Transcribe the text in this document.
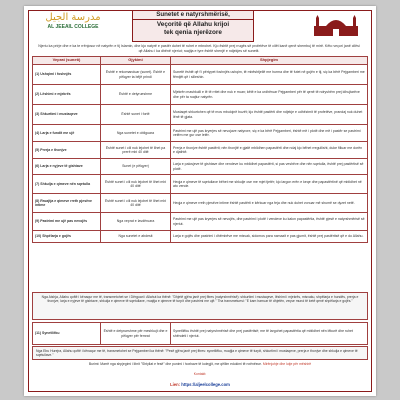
مدرسة الجيل
AL JEEAIL COLLEGE
Sunetet e natyrshmërisë,
Veçoritë që Allahu krijoi
tek qenia njerëzore
Njeriu ka prirje dhe e ka te rrënjosur në natyrën e tij Islamin, dhe kjo natyrë e pastër duhet të ruhet e mbrohet. Kjo është prej rrugës së profetëve të cilët kanë qenë shembuj të mirë. Këto veçori janë cilësi që Allahu i ka dhënë njeriut; ruajtja e tyre është shenjë e ndjekjes së sunetit.
Veprat (sunetì)	Gjykimi	Shpjegim
(1) Ushqimi i foshnjës	Është e rekomanduar (sunet). Është e pëlqyer ta bëjë prindi	Sunetë është që t'i përtypet foshnjës ushqim, të mbështjellë me hurma dhe të futet në gojën e tij, siç ka bërë Pejgamberi me fëmijët që i silleshin.
(2) Lëshimi e mjekrës	Është e detyrueshme	Mjekrën mashkulli e lë të rritet dhe nuk e rruan; këtë e ka urdhëruar Pejgamberi për të qenë të ndryshëm prej idhujtarëve dhe për ta ruajtur natyrën.
(3) Shkurtimi i mustaqeve	Është sunet i fortë	Mustaqet shkurtohen që të mos mbulojnë buzët; kjo është pastërti dhe ndjekje e udhëzimit të profetëve, prandaj nuk duhet lënë të gjata.
(4) Larja e fundit me ujë	Nga sunetet e obliguara	Pastrimi me ujë pas kryerjes së nevojave natyrore, siç e ka bërë Pejgamberi, është më i plotë dhe më i pastër se pastrimi vetëm me gur ose letër.
(5) Prerja e thonjve	Është sunet i cili nuk lejohet të lihet pa prerë mbi 40 ditë	Prerja e thonjve është pastërti; nën thonjtë e gjatë mblidhen papastërti dhe ndaj kjo bëhet rregullisht, duke filluar me dorën e djathtë.
(6) Larja e nyjeve të gishtave	Sunet (e pëlqyer)	Larja e palosjeve të gishtave dhe vendeve ku mblidhet papastërti, si pas veshëve dhe nën sqetulla, është prej pastërtisë së plotë.
(7) Shkulja e qimeve nën sqetulla	Është sunet i cili nuk lejohet të lihet mbi 40 ditë	Heqja e qimeve të sqetullave bëhet me shkulje ose me mjet tjetër; kjo largon erën e keqe dhe papastërtinë që mblidhet në ato vende.
(8) Rruajtja e qimeve rreth pjesëve intime	Është sunet i cili nuk lejohet të lihet mbi 40 ditë	Heqja e qimeve rreth pjesëve intime është pastërti e kërkuar nga feja dhe nuk duhet vonuar më shumë se dyzet netë.
(9) Pastrimi me ujë pas nevojës	Nga veprat e lavdëruara	Pastrimi me ujë pas kryerjes së nevojës, dhe pastrimi i plotë i vendeve ku kalon papastërtia, është pjesë e natyrshmërisë së njeriut.
(10) Shpëlarja e gojës	Nga sunetet e abdesit	Larja e gojës dhe pastrimi i dhëmbëve me misvak, sidomos para namazit e pas gjumit, është prej pastërtisë që e do Allahu.
Nga Aishja, Allahu qoftë i kënaqur me të, transmetohet se i Dërguari i Allahut ka thënë: "Dhjetë gjëra janë prej fitres (natyrshmërisë): shkurtimi i mustaqeve, lëshimi i mjekrës, misvaku, shpëlarja e hundës, prerja e thonjve, larja e nyjeve të gishtave, shkulja e qimeve të sqetullave, rruajtja e qimeve të turpit dhe pastrimi me ujë." Tha transmetuesi: "E kam harruar të dhjetën, veçse mund të ketë qenë shpëlarja e gojës."
(11) Synetllëku	Është e detyrueshme për meshkujt dhe e pëlqyer për femrat	Synetllëku është prej natyrshmërisë dhe prej pastërtisë; me të largohet papastërtia që mblidhet nën lëkurë dhe ruhet shëndeti i njeriut.
Nga Ebu Hurejra, Allahu qoftë i kënaqur me të, transmetohet se Pejgamberi ka thënë: "Pesë gjëra janë prej fitres: synetllëku, rruajtja e qimeve të turpit, shkurtimi i mustaqeve, prerja e thonjve dhe shkulja e qimeve të sqetullave."
Burimi: Marrë nga shpjegimi i librit "Shtyllat e fesë" dhe punimi i hoxhave të kolegjit, me qëllim edukimi të nxënësve. Mirënjohje dhe lutje për mëshirë
Kontakt:
Lien: https://aljeelcollege.com
